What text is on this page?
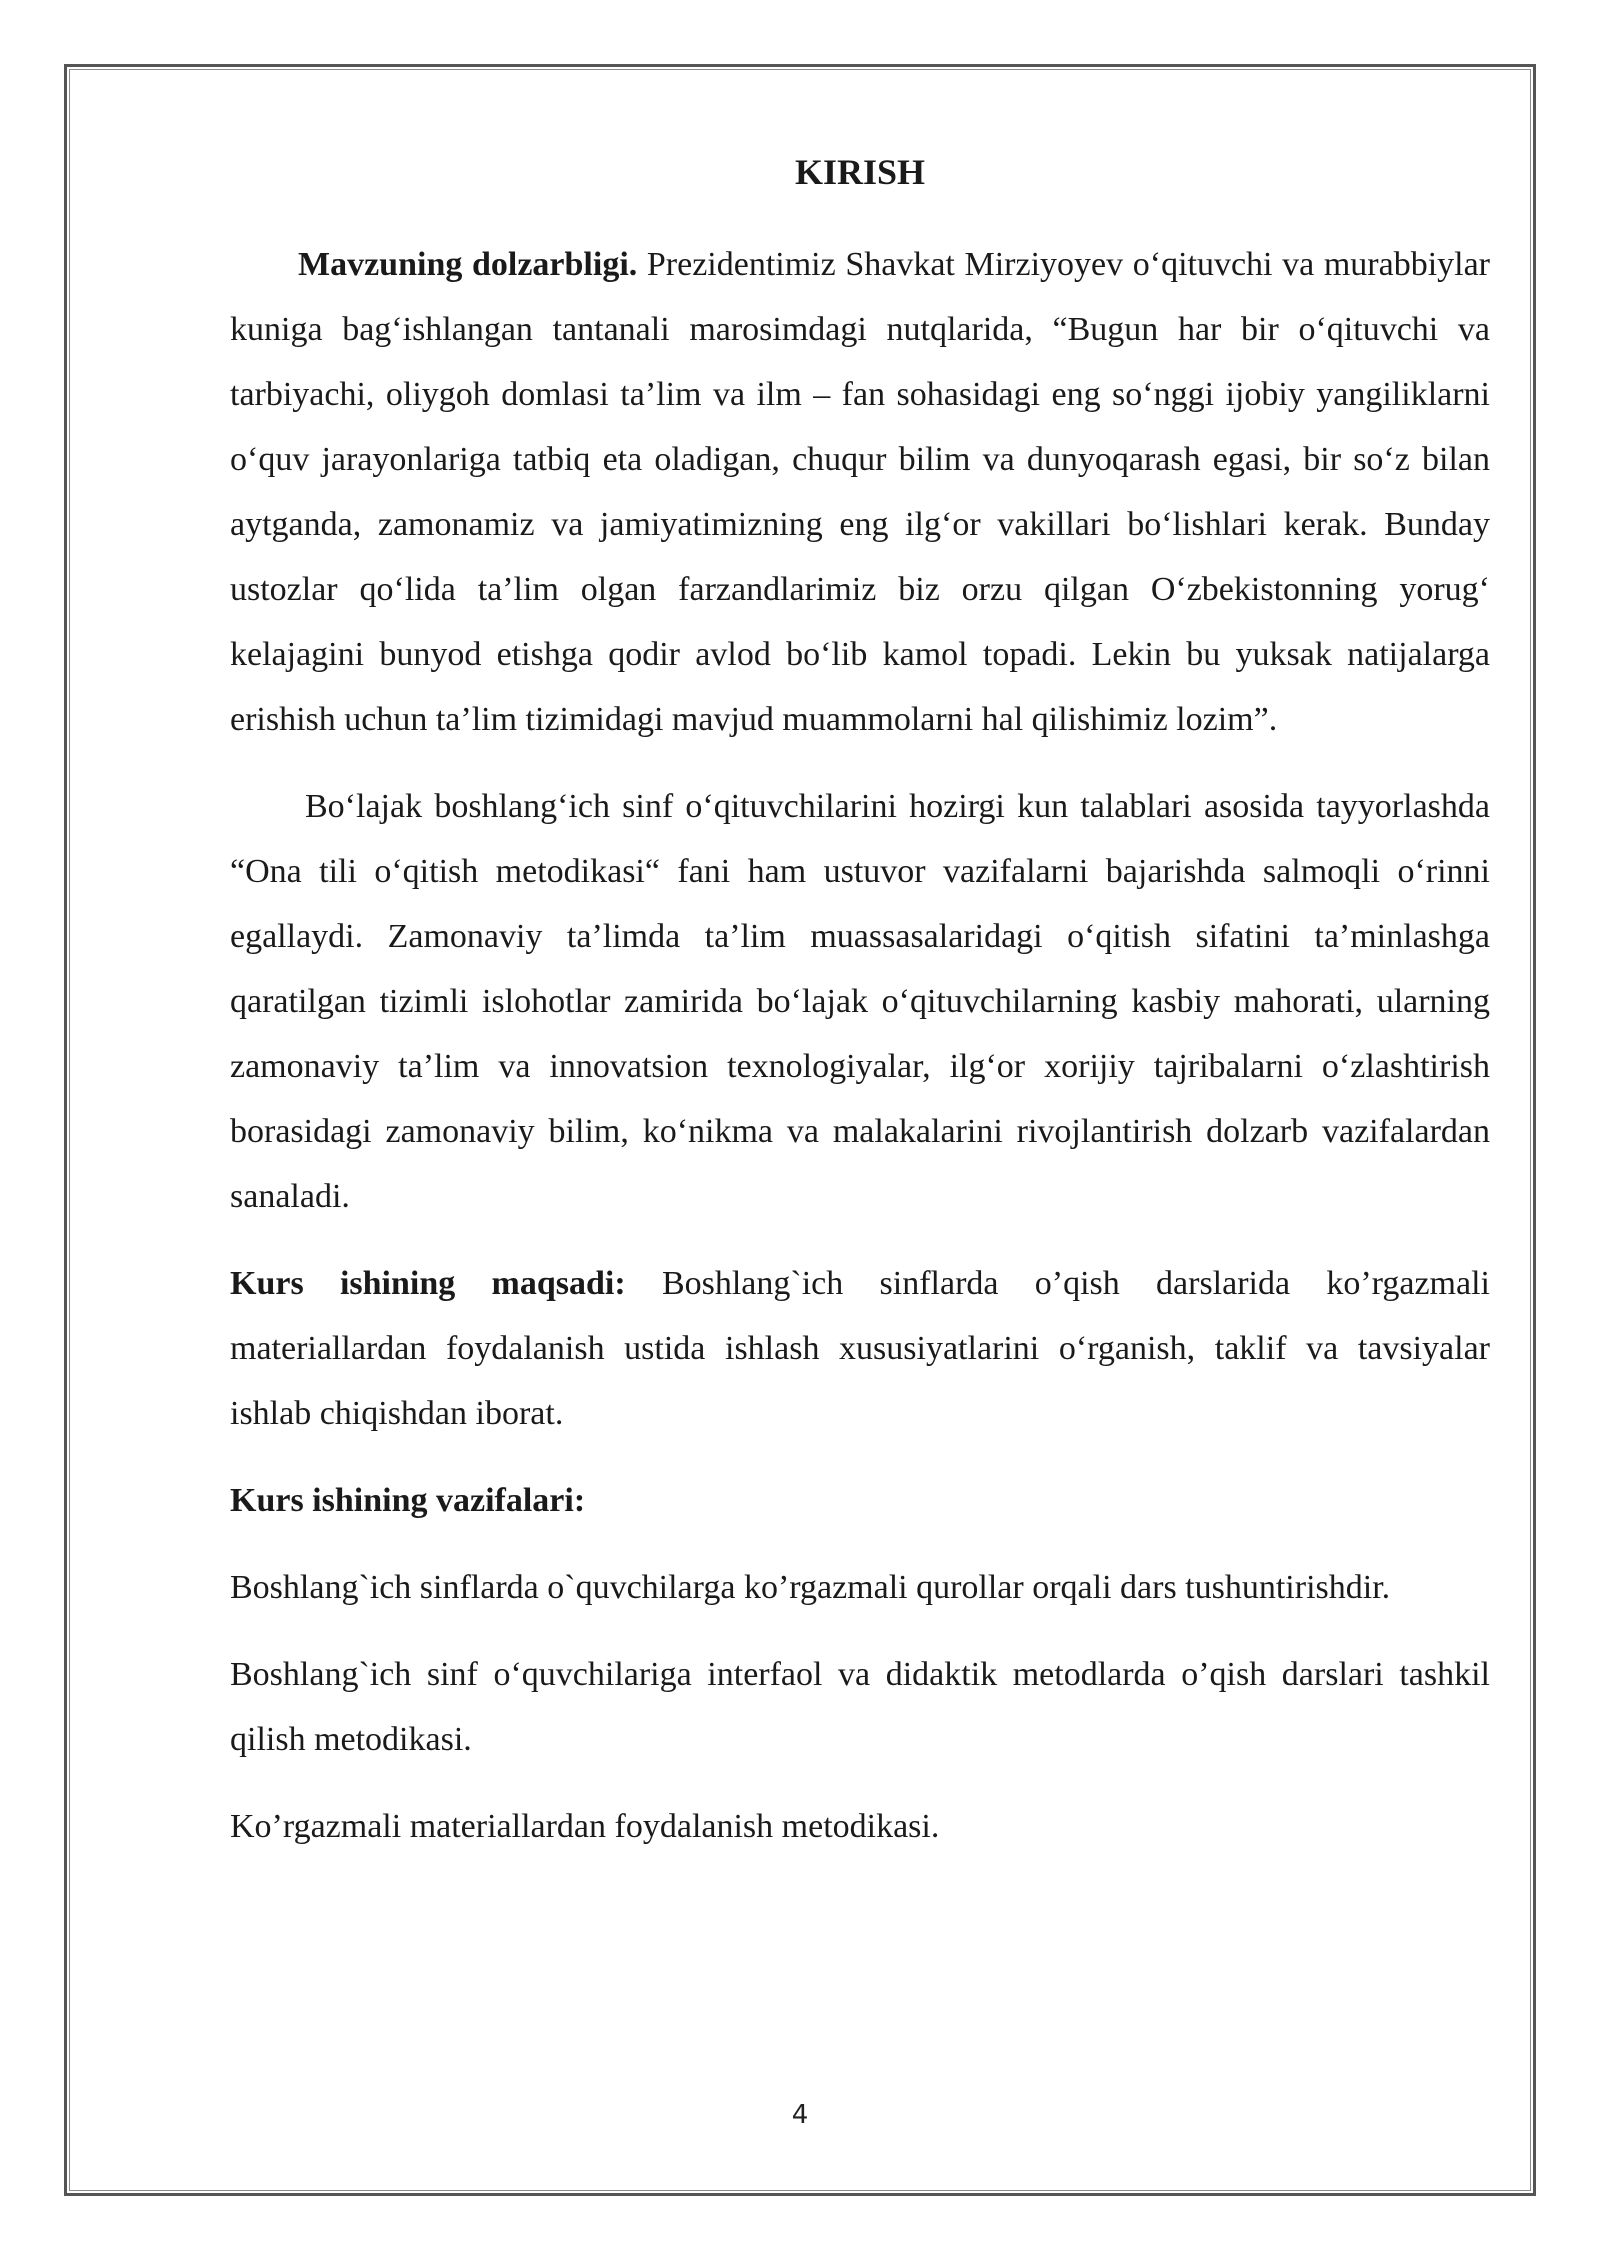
KIRISH

Mavzuning dolzarbligi. Prezidentimiz Shavkat Mirziyoyev o‘qituvchi va murabbiylar kuniga bag‘ishlangan tantanali marosimdagi nutqlarida, “Bugun har bir o‘qituvchi va tarbiyachi, oliygoh domlasi ta’lim va ilm – fan sohasidagi eng so‘nggi ijobiy yangiliklarni o‘quv jarayonlariga tatbiq eta oladigan, chuqur bilim va dunyoqarash egasi, bir so‘z bilan aytganda, zamonamiz va jamiyatimizning eng ilg‘or vakillari bo‘lishlari kerak. Bunday ustozlar qo‘lida ta’lim olgan farzandlarimiz biz orzu qilgan O‘zbekistonning yorug‘ kelajagini bunyod etishga qodir avlod bo‘lib kamol topadi. Lekin bu yuksak natijalarga erishish uchun ta’lim tizimidagi mavjud muammolarni hal qilishimiz lozim”.

Bo‘lajak boshlang‘ich sinf o‘qituvchilarini hozirgi kun talablari asosida tayyorlashda “Ona tili o‘qitish metodikasi“ fani ham ustuvor vazifalarni bajarishda salmoqli o‘rinni egallaydi. Zamonaviy ta’limda ta’lim muassasalaridagi o‘qitish sifatini ta’minlashga qaratilgan tizimli islohotlar zamirida bo‘lajak o‘qituvchilarning kasbiy mahorati, ularning zamonaviy ta’lim va innovatsion texnologiyalar, ilg‘or xorijiy tajribalarni o‘zlashtirish borasidagi zamonaviy bilim, ko‘nikma va malakalarini rivojlantirish dolzarb vazifalardan sanaladi.

Kurs ishining maqsadi: Boshlang`ich sinflarda o’qish darslarida ko’rgazmali materiallardan foydalanish ustida ishlash xususiyatlarini o‘rganish, taklif va tavsiyalar ishlab chiqishdan iborat.

Kurs ishining vazifalari:

Boshlang`ich sinflarda o`quvchilarga ko’rgazmali qurollar orqali dars tushuntirishdir.

Boshlang`ich sinf o‘quvchilariga interfaol va didaktik metodlarda o’qish darslari tashkil qilish metodikasi.

Ko’rgazmali materiallardan foydalanish metodikasi.

4
